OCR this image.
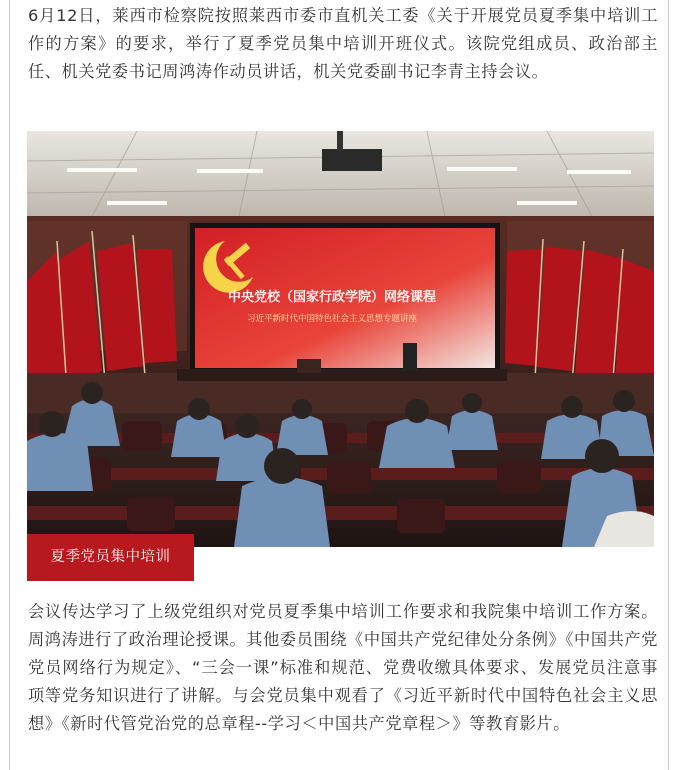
6月12日，莱西市检察院按照莱西市委市直机关工委《关于开展党员夏季集中培训工作的方案》的要求，举行了夏季党员集中培训开班仪式。该院党组成员、政治部主任、机关党委书记周鸿涛作动员讲话，机关党委副书记李青主持会议。

中央党校（国家行政学院）网络课程
习近平新时代中国特色社会主义思想专题讲座
夏季党员集中培训

会议传达学习了上级党组织对党员夏季集中培训工作要求和我院集中培训工作方案。周鸿涛进行了政治理论授课。其他委员围绕《中国共产党纪律处分条例》《中国共产党党员网络行为规定》、“三会一课”标准和规范、党费收缴具体要求、发展党员注意事项等党务知识进行了讲解。与会党员集中观看了《习近平新时代中国特色社会主义思想》《新时代管党治党的总章程--学习＜中国共产党章程＞》等教育影片。
